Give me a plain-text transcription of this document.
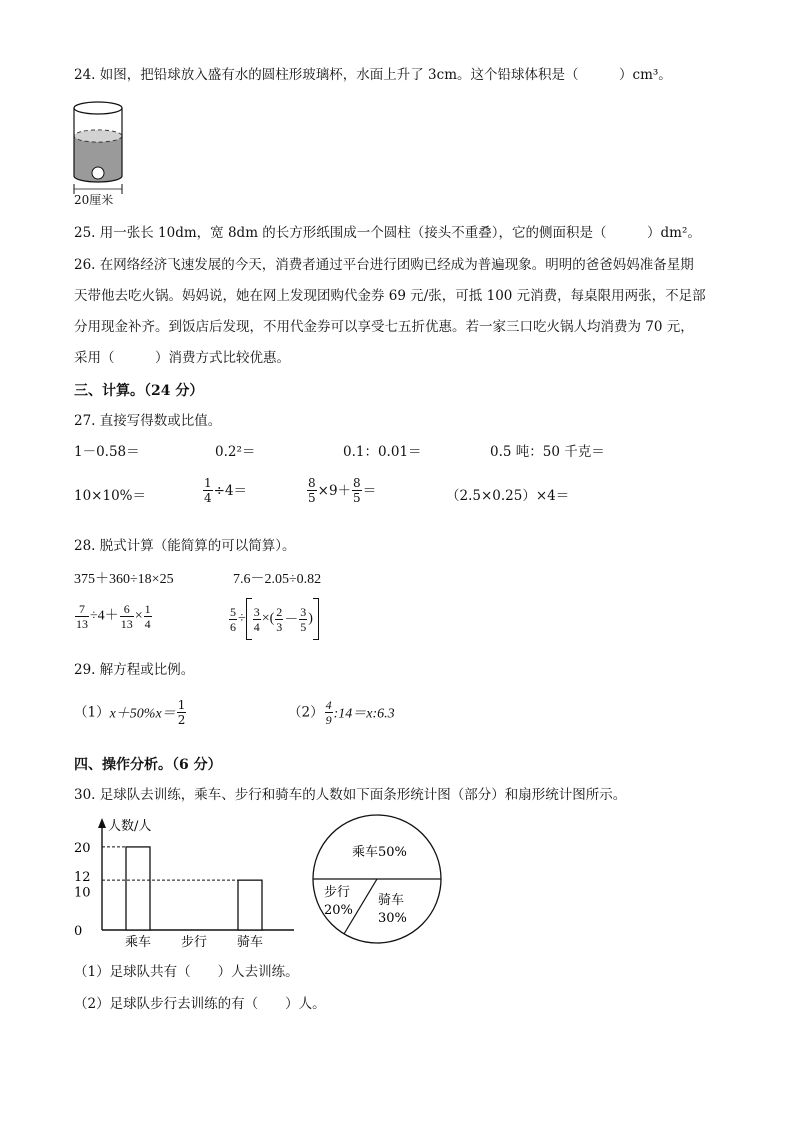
24. 如图，把铅球放入盛有水的圆柱形玻璃杯，水面上升了 3cm。这个铅球体积是（　　　）cm³。
20厘米
25. 用一张长 10dm，宽 8dm 的长方形纸围成一个圆柱（接头不重叠），它的侧面积是（　　　）dm²。
26. 在网络经济飞速发展的今天，消费者通过平台进行团购已经成为普遍现象。明明的爸爸妈妈准备星期
天带他去吃火锅。妈妈说，她在网上发现团购代金券 69 元/张，可抵 100 元消费，每桌限用两张，不足部
分用现金补齐。到饭店后发现，不用代金券可以享受七五折优惠。若一家三口吃火锅人均消费为 70 元，
采用（　　　）消费方式比较优惠。
三、计算。（24 分）
27. 直接写得数或比值。
1－0.58＝	0.2²＝	0.1：0.01＝	0.5 吨：50 千克＝
10×10%＝	$\frac{1}{4} \div 4=$	$\frac{8}{5} \times 9+ \frac{8}{5}$ ＝	（2.5×0.25）×4＝
28. 脱式计算（能简算的可以简算）。
375＋360÷18×25	7.6－2.05÷0.82
$\frac{7}{13} \div 4+ \frac{6}{13} \times \frac{1}{4}$	$\frac{5}{6} \div \frac{3}{4}$ ×( $\frac{2}{3} - \frac{3}{5}$ )
29. 解方程或比例。
$(1)x+50\%x= \frac{1}{2}$	$(2) \frac{4}{9}$ :14＝x:6.3
四、操作分析。（6 分）
30. 足球队去训练，乘车、步行和骑车的人数如下面条形统计图（部分）和扇形统计图所示。
人数/人
0
10
12
20
乘车 步行 骑车
乘车50%
步行
20%
骑车
30%
（1）足球队共有（　　）人去训练。
（2）足球队步行去训练的有（　　）人。
